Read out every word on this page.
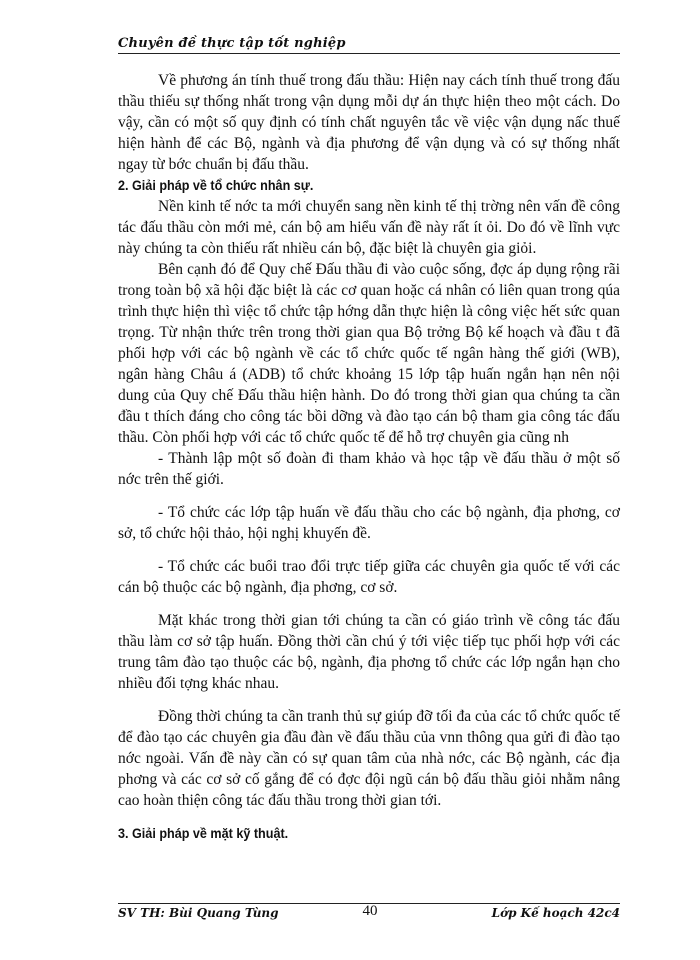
Chuyên đề thực tập tốt nghiệp

Về phương án tính thuế trong đấu thầu: Hiện nay cách tính thuế trong đấu thầu thiếu sự thống nhất trong vận dụng mỗi dự án thực hiện theo một cách. Do vậy, cần có một số quy định có tính chất nguyên tắc về việc vận dụng nấc thuế hiện hành để các Bộ, ngành và địa phương để vận dụng và có sự thống nhất ngay từ bớc chuẩn bị đấu thầu.

2. Giải pháp về tổ chức nhân sự.

Nền kinh tế nớc ta mới chuyển sang nền kinh tế thị trờng nên vấn đề công tác đấu thầu còn mới mẻ, cán bộ am hiểu vấn đề này rất ít ỏi. Do đó về lĩnh vực này chúng ta còn thiếu rất nhiều cán bộ, đặc biệt là chuyên gia giỏi.

Bên cạnh đó để Quy chế Đấu thầu đi vào cuộc sống, đợc áp dụng rộng rãi trong toàn bộ xã hội đặc biệt là các cơ quan hoặc cá nhân có liên quan trong qúa trình thực hiện thì việc tổ chức tập hớng dẫn thực hiện là công việc hết sức quan trọng. Từ nhận thức trên trong thời gian qua Bộ trởng Bộ kế hoạch và đầu t đã phối hợp với các bộ ngành về các tổ chức quốc tế ngân hàng thế giới (WB), ngân hàng Châu á (ADB) tổ chức khoảng 15 lớp tập huấn ngắn hạn nên nội dung của Quy chế Đấu thầu hiện hành. Do đó trong thời gian qua chúng ta cần đầu t thích đáng cho công tác bồi dỡng và đào tạo cán bộ tham gia công tác đấu thầu. Còn phối hợp với các tổ chức quốc tế để hỗ trợ chuyên gia cũng nh

- Thành lập một số đoàn đi tham khảo và học tập về đấu thầu ở một số nớc trên thế giới.

- Tổ chức các lớp tập huấn về đấu thầu cho các bộ ngành, địa phơng, cơ sở, tổ chức hội thảo, hội nghị khuyến đề.

- Tổ chức các buổi trao đổi trực tiếp giữa các chuyên gia quốc tế với các cán bộ thuộc các bộ ngành, địa phơng, cơ sở.

Mặt khác trong thời gian tới chúng ta cần có giáo trình về công tác đấu thầu làm cơ sở tập huấn. Đồng thời cần chú ý tới việc tiếp tục phối hợp với các trung tâm đào tạo thuộc các bộ, ngành, địa phơng tổ chức các lớp ngắn hạn cho nhiều đối tợng khác nhau.

Đồng thời chúng ta cần tranh thủ sự giúp đỡ tối đa của các tổ chức quốc tế để đào tạo các chuyên gia đầu đàn về đấu thầu của vnn thông qua gửi đi đào tạo nớc ngoài. Vấn đề này cần có sự quan tâm của nhà nớc, các Bộ ngành, các địa phơng và các cơ sở cố gắng để có đợc đội ngũ cán bộ đấu thầu giỏi nhằm nâng cao hoàn thiện công tác đấu thầu trong thời gian tới.

3. Giải pháp về mặt kỹ thuật.
SV TH: Bùi Quang Tùng	40	Lớp Kế hoạch 42c4
